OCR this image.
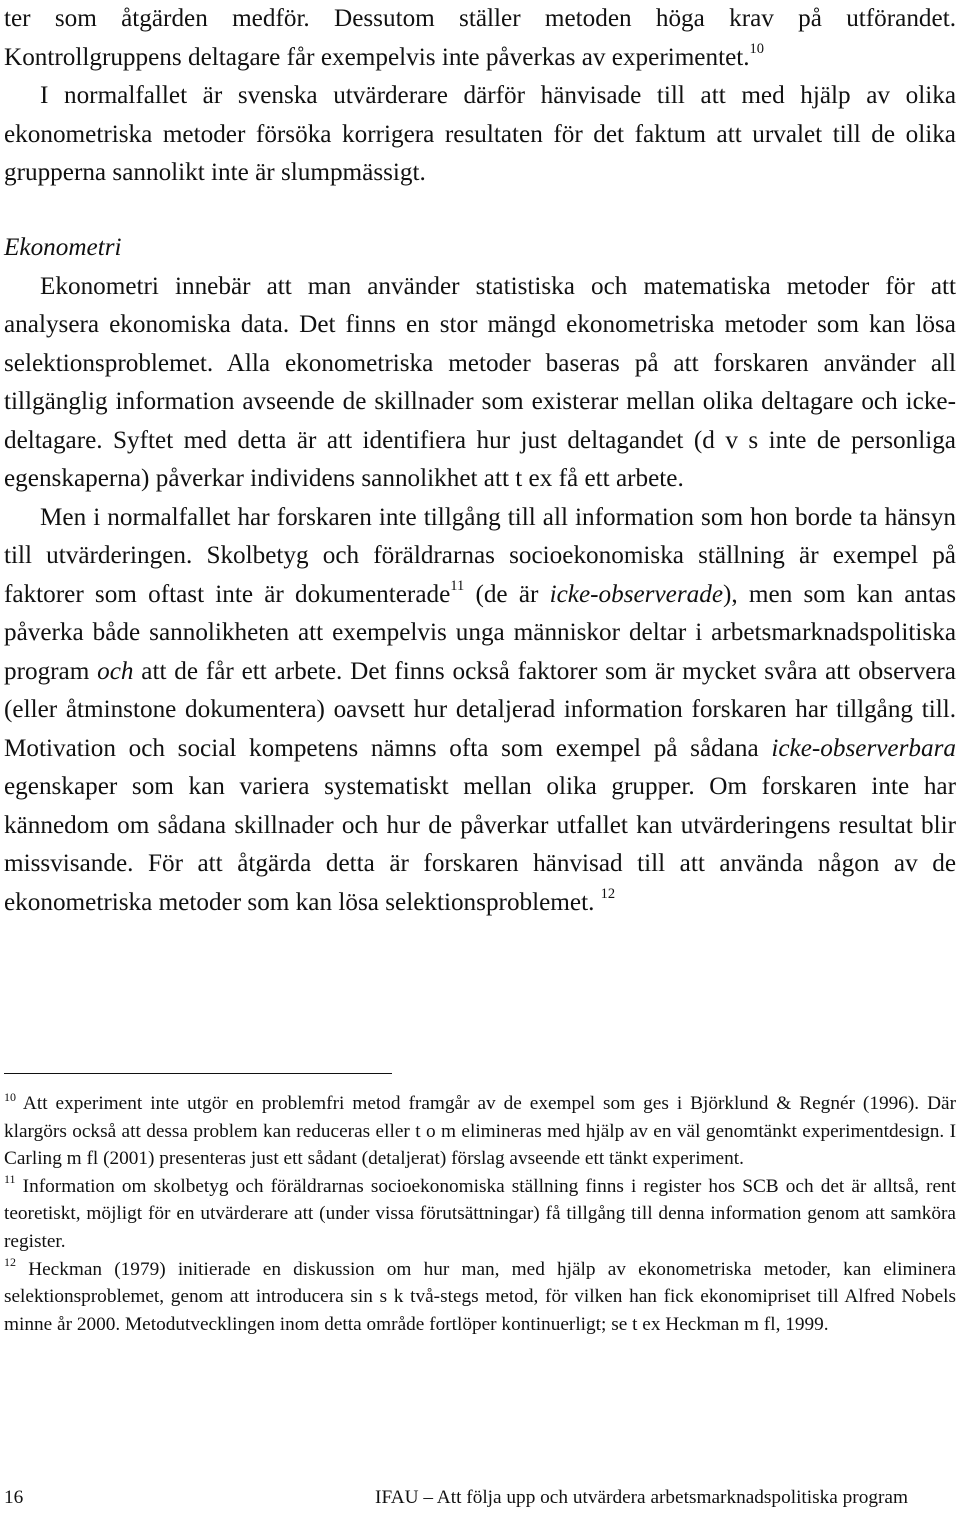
ter som åtgärden medför. Dessutom ställer metoden höga krav på utförandet. Kontrollgruppens deltagare får exempelvis inte påverkas av experimentet.$^{10}$

I normalfallet är svenska utvärderare därför hänvisade till att med hjälp av olika ekonometriska metoder försöka korrigera resultaten för det faktum att urvalet till de olika grupperna sannolikt inte är slumpmässigt.

Ekonometri

Ekonometri innebär att man använder statistiska och matematiska metoder för att analysera ekonomiska data. Det finns en stor mängd ekonometriska metoder som kan lösa selektionsproblemet. Alla ekonometriska metoder baseras på att forskaren använder all tillgänglig information avseende de skillnader som existerar mellan olika deltagare och icke-deltagare. Syftet med detta är att identifiera hur just deltagandet (d v s inte de personliga egenskaperna) påverkar individens sannolikhet att t ex få ett arbete.

Men i normalfallet har forskaren inte tillgång till all information som hon borde ta hänsyn till utvärderingen. Skolbetyg och föräldrarnas socioekonomiska ställning är exempel på faktorer som oftast inte är dokumenterade$^{11}$ (de är icke-observerade), men som kan antas påverka både sannolikheten att exempelvis unga människor deltar i arbetsmarknadspolitiska program och att de får ett arbete. Det finns också faktorer som är mycket svåra att observera (eller åtminstone dokumentera) oavsett hur detaljerad information forskaren har tillgång till. Motivation och social kompetens nämns ofta som exempel på sådana icke-observerbara egenskaper som kan variera systematiskt mellan olika grupper. Om forskaren inte har kännedom om sådana skillnader och hur de påverkar utfallet kan utvärderingens resultat blir missvisande. För att åtgärda detta är forskaren hänvisad till att använda någon av de ekonometriska metoder som kan lösa selektionsproblemet. $^{12}$

$^{10}$ Att experiment inte utgör en problemfri metod framgår av de exempel som ges i Björklund & Regnér (1996). Där klargörs också att dessa problem kan reduceras eller t o m elimineras med hjälp av en väl genomtänkt experimentdesign. I Carling m fl (2001) presenteras just ett sådant (detaljerat) förslag avseende ett tänkt experiment.

$^{11}$ Information om skolbetyg och föräldrarnas socioekonomiska ställning finns i register hos SCB och det är alltså, rent teoretiskt, möjligt för en utvärderare att (under vissa förutsättningar) få tillgång till denna information genom att samköra register.

$^{12}$ Heckman (1979) initierade en diskussion om hur man, med hjälp av ekonometriska metoder, kan eliminera selektionsproblemet, genom att introducera sin s k två-stegs metod, för vilken han fick ekonomipriset till Alfred Nobels minne år 2000. Metodutvecklingen inom detta område fortlöper kontinuerligt; se t ex Heckman m fl, 1999.

16	IFAU – Att följa upp och utvärdera arbetsmarknadspolitiska program
